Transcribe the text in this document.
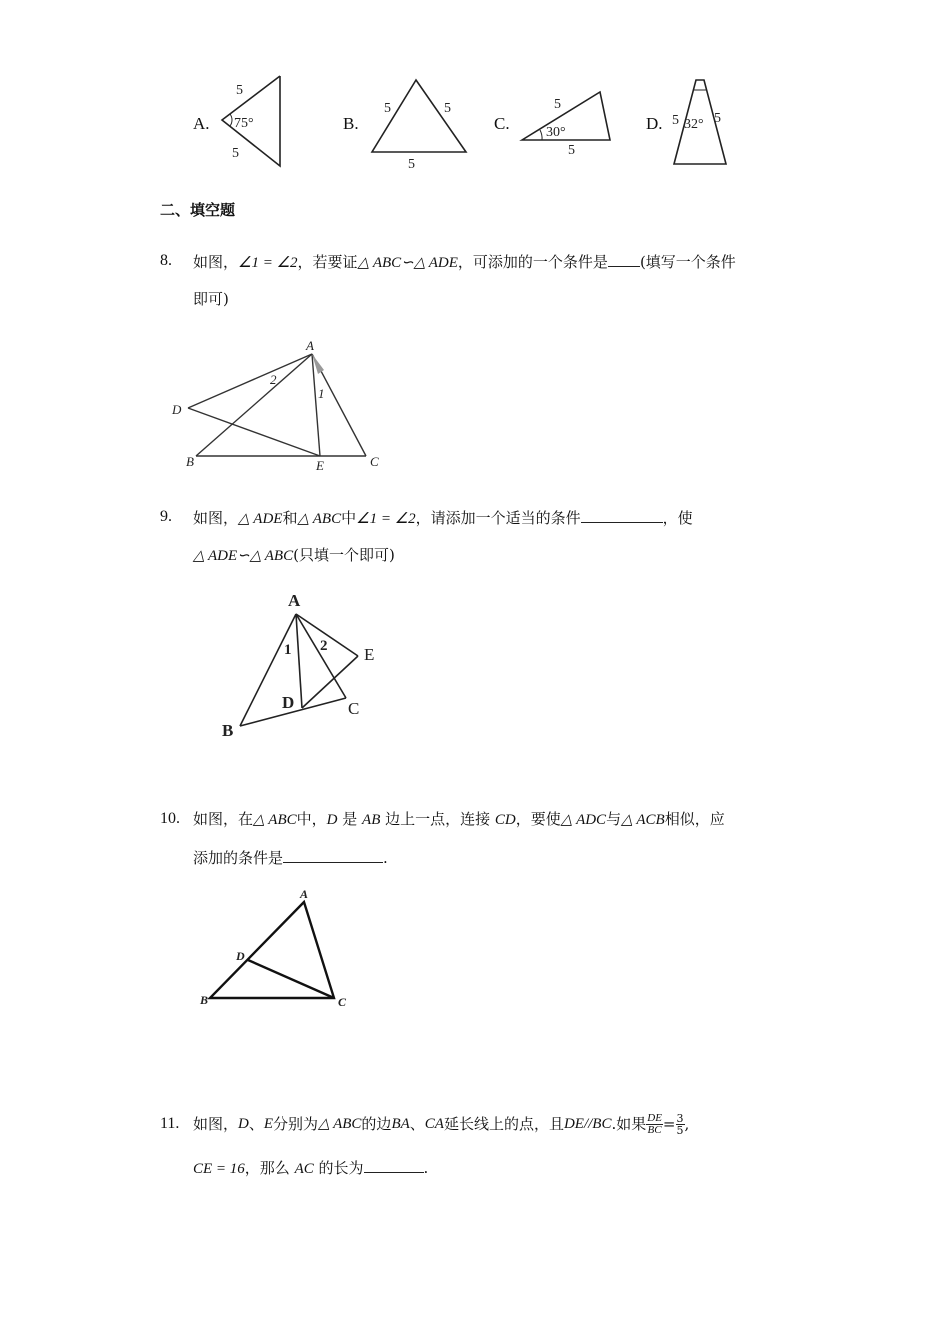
A.
5
75°
5
B.
5	5
5
C.
5
30°
5
D. 5 32° 5
二、填空题
8. 如图，∠1 = ∠2，若要证△ ABC∽△ ADE，可添加的一个条件是 (填写一个条件
即可)
A
D
B	E	C
2
1
9. 如图，△ ADE和△ ABC中∠1 = ∠2，请添加一个适当的条件	，使
△ ADE∽△ ABC(只填一个即可)
A
B
C
D
E
1 2
10. 如图，在△ ABC中，D 是 AB 边上一点，连接 CD，要使△ ADC与△ ACB相似，应
添加的条件是	.
A
D
B	C
11. 如图， D 、 E 分别为 △ ABC 的边 BA 、 CA 延长线上的点，且 DE//BC .如果 $\frac{DE}{BC} = \frac{3}{5}$ ,
CE = 16，那么 AC 的长为	.
